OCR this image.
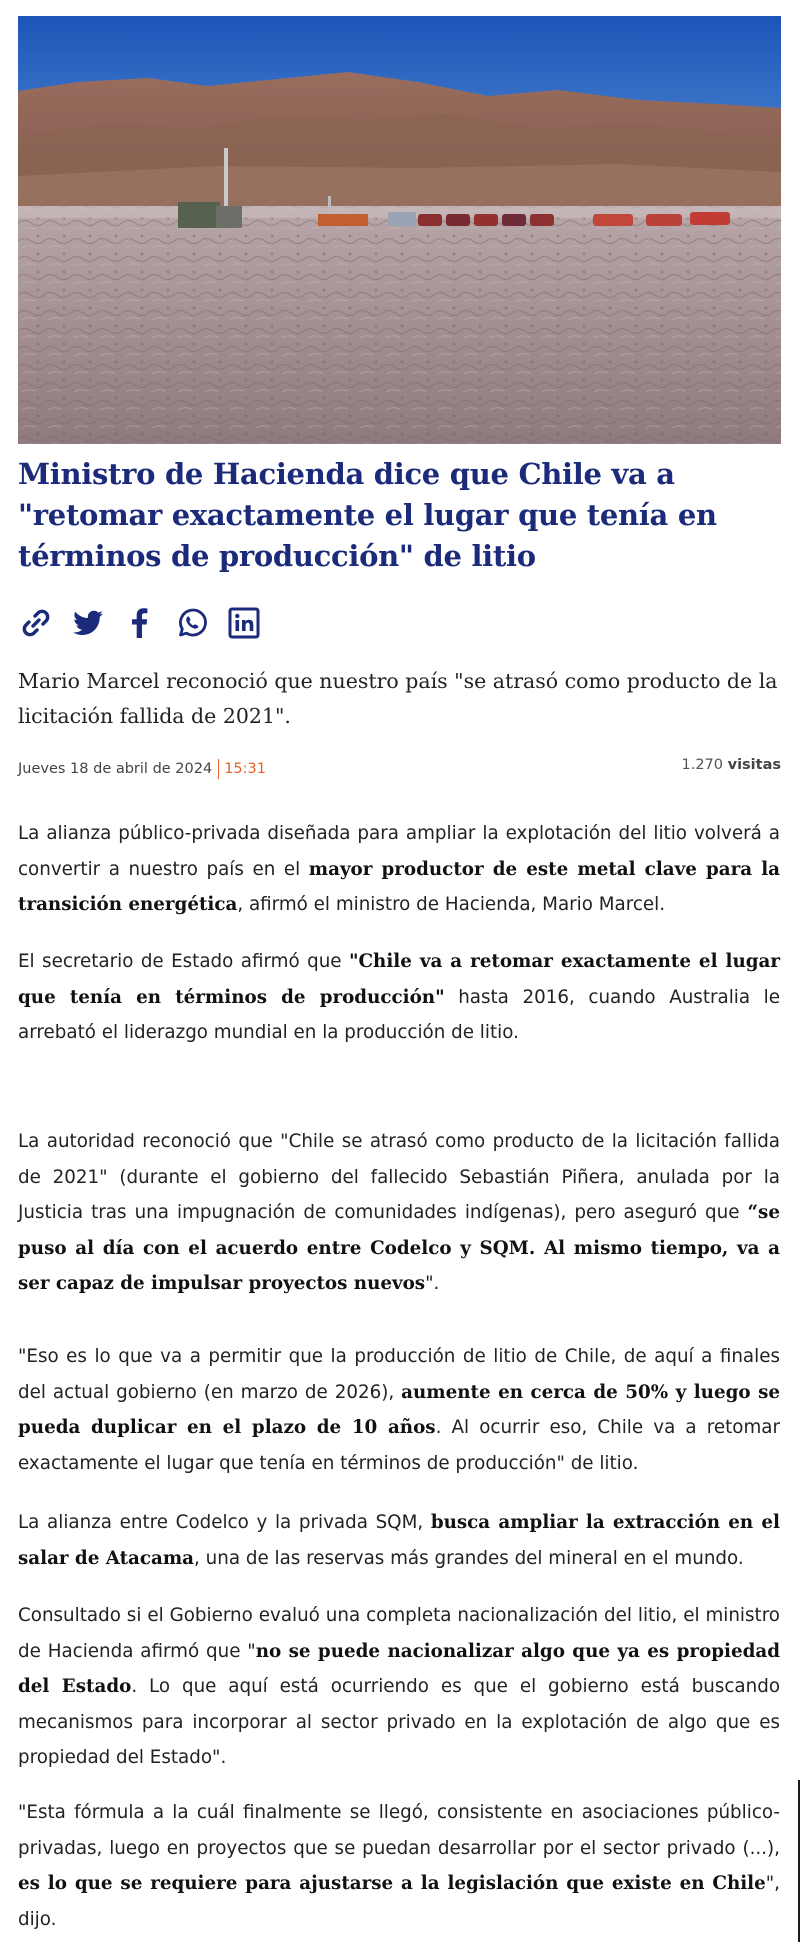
Ministro de Hacienda dice que Chile va a "retomar exactamente el lugar que tenía en términos de producción" de litio

Mario Marcel reconoció que nuestro país "se atrasó como producto de la licitación fallida de 2021".

Jueves 18 de abril de 2024 15:31	1.270 visitas

La alianza público-privada diseñada para ampliar la explotación del litio volverá a convertir a nuestro país en el mayor productor de este metal clave para la transición energética, afirmó el ministro de Hacienda, Mario Marcel.

El secretario de Estado afirmó que "Chile va a retomar exactamente el lugar que tenía en términos de producción" hasta 2016, cuando Australia le arrebató el liderazgo mundial en la producción de litio.

La autoridad reconoció que "Chile se atrasó como producto de la licitación fallida de 2021" (durante el gobierno del fallecido Sebastián Piñera, anulada por la Justicia tras una impugnación de comunidades indígenas), pero aseguró que “se puso al día con el acuerdo entre Codelco y SQM. Al mismo tiempo, va a ser capaz de impulsar proyectos nuevos".

"Eso es lo que va a permitir que la producción de litio de Chile, de aquí a finales del actual gobierno (en marzo de 2026), aumente en cerca de 50% y luego se pueda duplicar en el plazo de 10 años. Al ocurrir eso, Chile va a retomar exactamente el lugar que tenía en términos de producción" de litio.

La alianza entre Codelco y la privada SQM, busca ampliar la extracción en el salar de Atacama, una de las reservas más grandes del mineral en el mundo.

Consultado si el Gobierno evaluó una completa nacionalización del litio, el ministro de Hacienda afirmó que "no se puede nacionalizar algo que ya es propiedad del Estado. Lo que aquí está ocurriendo es que el gobierno está buscando mecanismos para incorporar al sector privado en la explotación de algo que es propiedad del Estado".

"Esta fórmula a la cuál finalmente se llegó, consistente en asociaciones público-privadas, luego en proyectos que se puedan desarrollar por el sector privado (...), es lo que se requiere para ajustarse a la legislación que existe en Chile", dijo.
